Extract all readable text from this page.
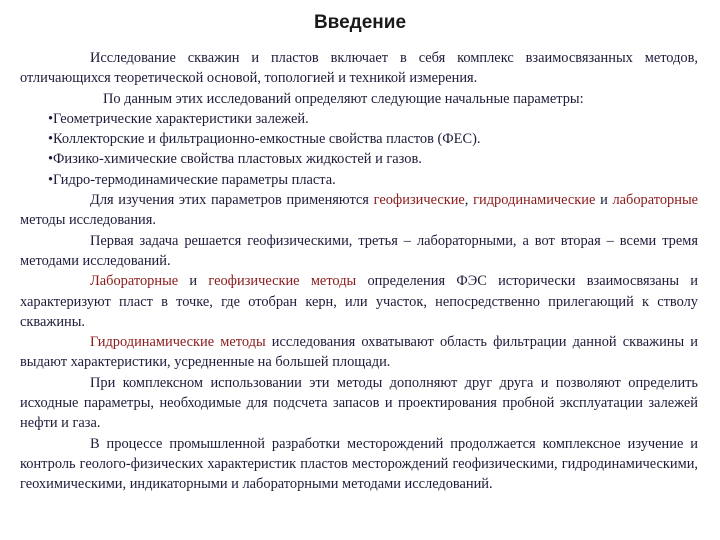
Введение

Исследование скважин и пластов включает в себя комплекс взаимосвязанных методов, отличающихся теоретической основой, топологией и техникой измерения.

По данным этих исследований определяют следующие начальные параметры:

•Геометрические характеристики залежей.

•Коллекторские и фильтрационно-емкостные свойства пластов (ФЕС).

•Физико-химические свойства пластовых жидкостей и газов.

•Гидро-термодинамические параметры пласта.

Для изучения этих параметров применяются геофизические, гидродинамические и лабораторные методы исследования.

Первая задача решается геофизическими, третья – лабораторными, а вот вторая – всеми тремя методами исследований.

Лабораторные и геофизические методы определения ФЭС исторически взаимосвязаны и характеризуют пласт в точке, где отобран керн, или участок, непосредственно прилегающий к стволу скважины.

Гидродинамические методы исследования охватывают область фильтрации данной скважины и выдают характеристики, усредненные на большей площади.

При комплексном использовании эти методы дополняют друг друга и позволяют определить исходные параметры, необходимые для подсчета запасов и проектирования пробной эксплуатации залежей нефти и газа.

В процессе промышленной разработки месторождений продолжается комплексное изучение и контроль геолого-физических характеристик пластов месторождений геофизическими, гидродинамическими, геохимическими, индикаторными и лабораторными методами исследований.
